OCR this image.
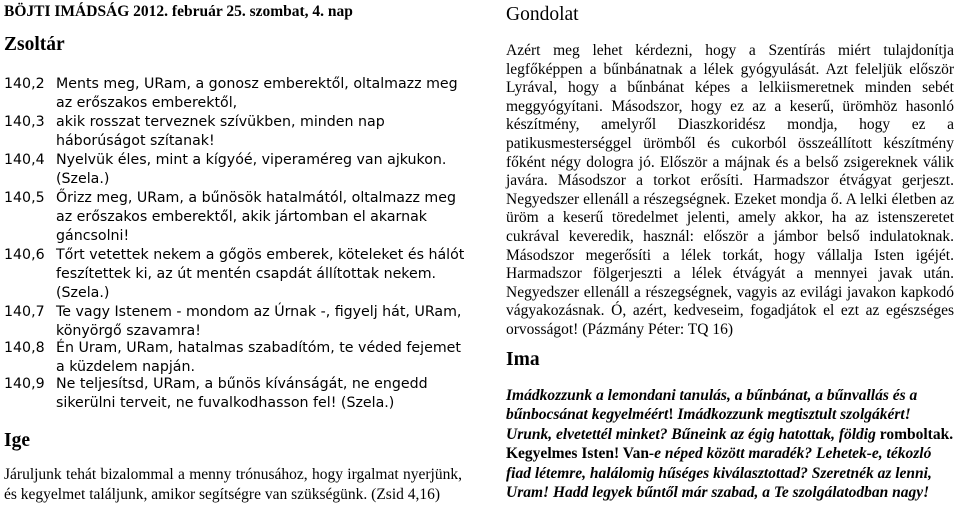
BÖJTI IMÁDSÁG 2012. február 25. szombat, 4. nap
Zsoltár
140,2 Ments meg, URam, a gonosz emberektől, oltalmazz meg az erőszakos emberektől,
140,3 akik rosszat terveznek szívükben, minden nap háborúságot szítanak!
140,4 Nyelvük éles, mint a kígyóé, viperaméreg van ajkukon. (Szela.)
140,5 Őrizz meg, URam, a bűnösök hatalmától, oltalmazz meg az erőszakos emberektől, akik jártomban el akarnak gáncsolni!
140,6 Tőrt vetettek nekem a gőgös emberek, köteleket és hálót feszítettek ki, az út mentén csapdát állítottak nekem. (Szela.)
140,7 Te vagy Istenem - mondom az Úrnak -, figyelj hát, URam, könyörgő szavamra!
140,8 Én Uram, URam, hatalmas szabadítóm, te véded fejemet a küzdelem napján.
140,9 Ne teljesítsd, URam, a bűnös kívánságát, ne engedd sikerülni terveit, ne fuvalkodhasson fel! (Szela.)
Ige
Járuljunk tehát bizalommal a menny trónusához, hogy irgalmat nyerjünk, és kegyelmet találjunk, amikor segítségre van szükségünk. (Zsid 4,16)
Gondolat
Azért meg lehet kérdezni, hogy a Szentírás miért tulajdonítja legfőképpen a bűnbánatnak a lélek gyógyulását. Azt feleljük először Lyrával, hogy a bűnbánat képes a lelkiismeretnek minden sebét meggyógyítani. Másodszor, hogy ez az a keserű, ürömhöz hasonló készítmény, amelyről Diaszkoridész mondja, hogy ez a patikusmesterséggel ürömből és cukorból összeállított készítmény főként négy dologra jó. Először a májnak és a belső zsigereknek válik javára. Másodszor a torkot erősíti. Harmadszor étvágyat gerjeszt. Negyedszer ellenáll a részegségnek. Ezeket mondja ő. A lelki életben az üröm a keserű töredelmet jelenti, amely akkor, ha az istenszeretet cukrával keveredik, használ: először a jámbor belső indulatoknak. Másodszor megerősíti a lélek torkát, hogy vállalja Isten igéjét. Harmadszor fölgerjeszti a lélek étvágyát a mennyei javak után. Negyedszer ellenáll a részegségnek, vagyis az evilági javakon kapkodó vágyakozásnak. Ó, azért, kedveseim, fogadjátok el ezt az egészséges orvosságot! (Pázmány Péter: TQ 16)
Ima
Imádkozzunk a lemondani tanulás, a bűnbánat, a bűnvallás és a bűnbocsánat kegyelméért! Imádkozzunk megtisztult szolgákért! Urunk, elvetettél minket? Bűneink az égig hatottak, földig romboltak. Kegyelmes Isten! Van-e néped között maradék? Lehetek-e, tékozló fiad létemre, halálomig hűséges kiválasztottad? Szeretnék az lenni, Uram! Hadd legyek bűntől már szabad, a Te szolgálatodban nagy!
